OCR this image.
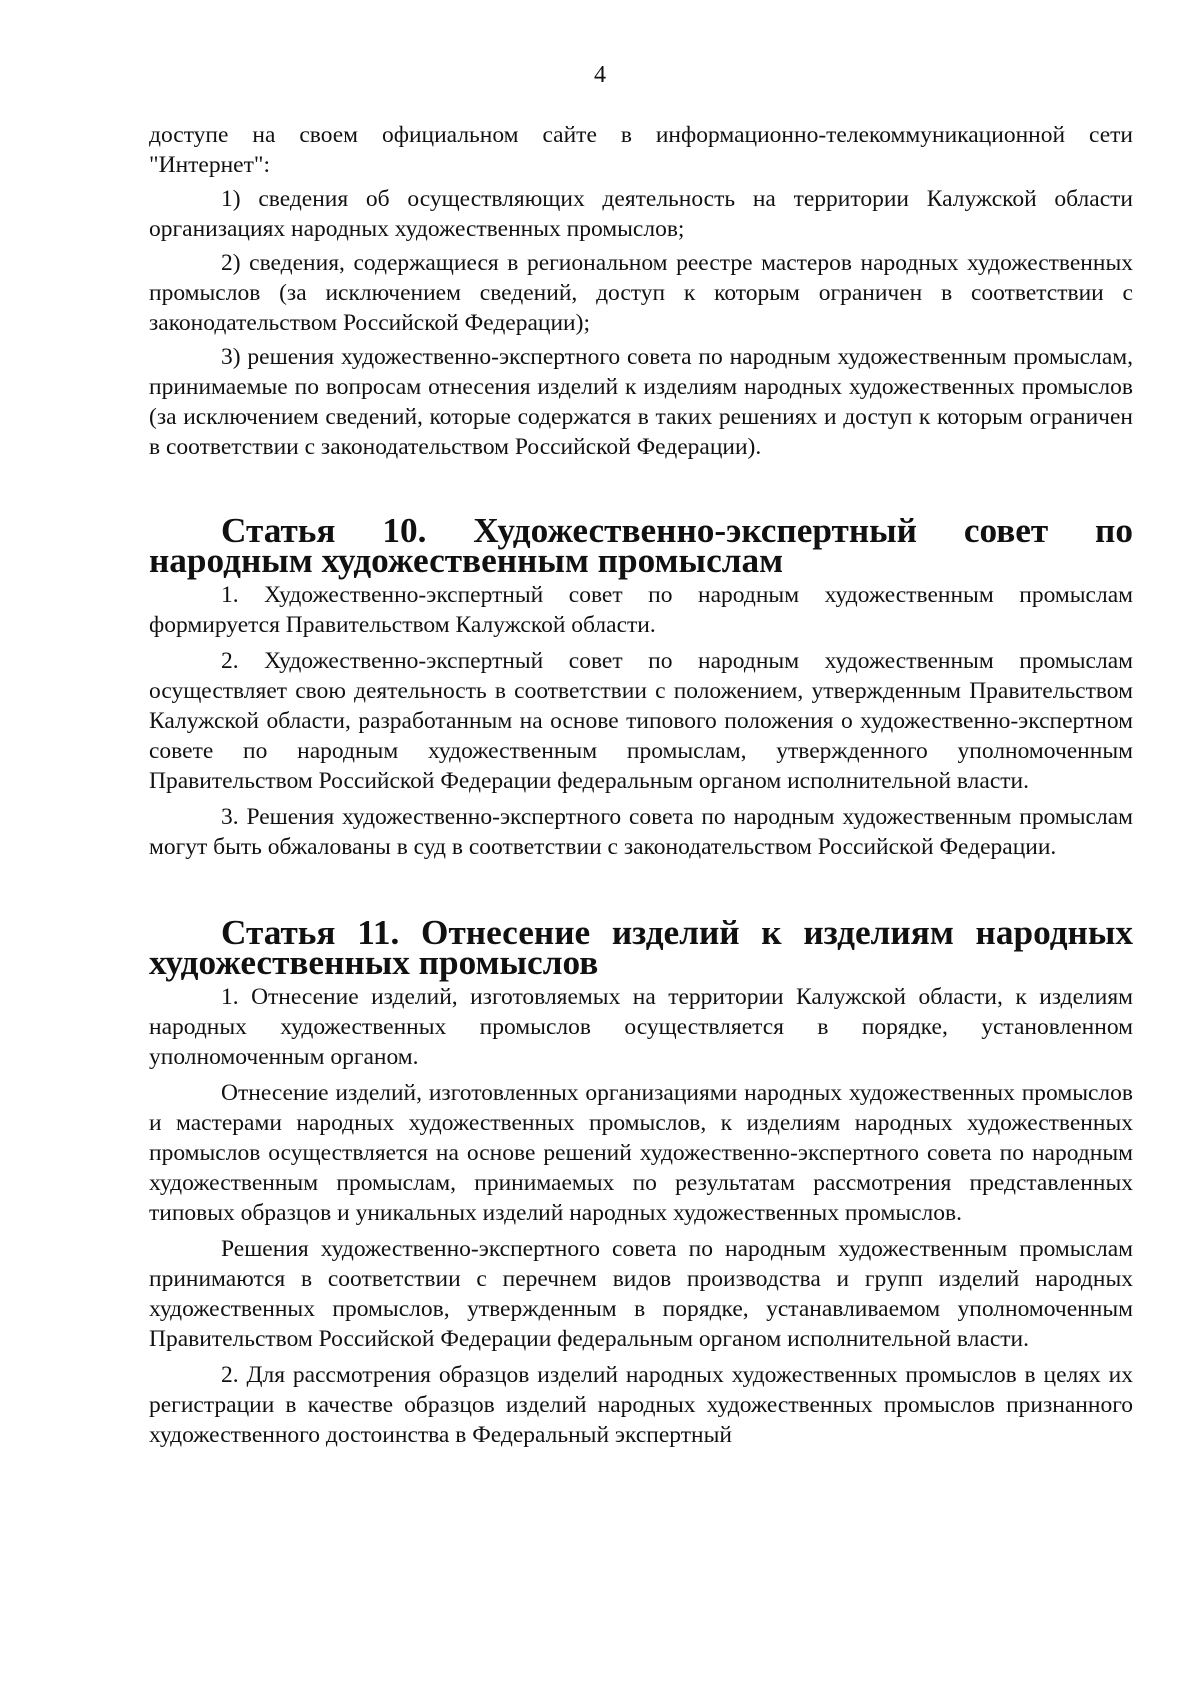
4

доступе на своем официальном сайте в информационно-телекоммуникационной сети "Интернет":

1) сведения об осуществляющих деятельность на территории Калужской области организациях народных художественных промыслов;

2) сведения, содержащиеся в региональном реестре мастеров народных художественных промыслов (за исключением сведений, доступ к которым ограничен в соответствии с законодательством Российской Федерации);

3) решения художественно-экспертного совета по народным художественным промыслам, принимаемые по вопросам отнесения изделий к изделиям народных художественных промыслов (за исключением сведений, которые содержатся в таких решениях и доступ к которым ограничен в соответствии с законодательством Российской Федерации).

Статья 10. Художественно-экспертный совет по народным художественным промыслам

1. Художественно-экспертный совет по народным художественным промыслам формируется Правительством Калужской области.

2. Художественно-экспертный совет по народным художественным промыслам осуществляет свою деятельность в соответствии с положением, утвержденным Правительством Калужской области, разработанным на основе типового положения о художественно-экспертном совете по народным художественным промыслам, утвержденного уполномоченным Правительством Российской Федерации федеральным органом исполнительной власти.

3. Решения художественно-экспертного совета по народным художественным промыслам могут быть обжалованы в суд в соответствии с законодательством Российской Федерации.

Статья 11. Отнесение изделий к изделиям народных художественных промыслов

1. Отнесение изделий, изготовляемых на территории Калужской области, к изделиям народных художественных промыслов осуществляется в порядке, установленном уполномоченным органом.

Отнесение изделий, изготовленных организациями народных художественных промыслов и мастерами народных художественных промыслов, к изделиям народных художественных промыслов осуществляется на основе решений художественно-экспертного совета по народным художественным промыслам, принимаемых по результатам рассмотрения представленных типовых образцов и уникальных изделий народных художественных промыслов.

Решения художественно-экспертного совета по народным художественным промыслам принимаются в соответствии с перечнем видов производства и групп изделий народных художественных промыслов, утвержденным в порядке, устанавливаемом уполномоченным Правительством Российской Федерации федеральным органом исполнительной власти.

2. Для рассмотрения образцов изделий народных художественных промыслов в целях их регистрации в качестве образцов изделий народных художественных промыслов признанного художественного достоинства в Федеральный экспертный
